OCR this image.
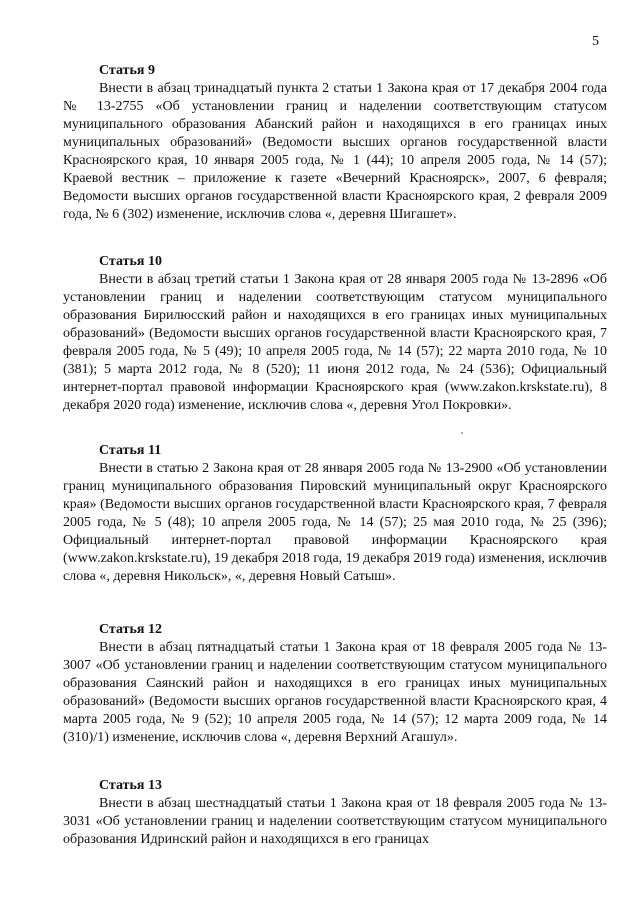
5
Статья 9

Внести в абзац тринадцатый пункта 2 статьи 1 Закона края от 17 декабря 2004 года № 13-2755 «Об установлении границ и наделении соответствующим статусом муниципального образования Абанский район и находящихся в его границах иных муниципальных образований» (Ведомости высших органов государственной власти Красноярского края, 10 января 2005 года, № 1 (44); 10 апреля 2005 года, № 14 (57); Краевой вестник – приложение к газете «Вечерний Красноярск», 2007, 6 февраля; Ведомости высших органов государственной власти Красноярского края, 2 февраля 2009 года, № 6 (302) изменение, исключив слова «, деревня Шигашет».

Статья 10

Внести в абзац третий статьи 1 Закона края от 28 января 2005 года № 13-2896 «Об установлении границ и наделении соответствующим статусом муниципального образования Бирилюсский район и находящихся в его границах иных муниципальных образований» (Ведомости высших органов государственной власти Красноярского края, 7 февраля 2005 года, № 5 (49); 10 апреля 2005 года, № 14 (57); 22 марта 2010 года, № 10 (381); 5 марта 2012 года, № 8 (520); 11 июня 2012 года, № 24 (536); Официальный интернет-портал правовой информации Красноярского края (www.zakon.krskstate.ru), 8 декабря 2020 года) изменение, исключив слова «, деревня Угол Покровки».

Статья 11

Внести в статью 2 Закона края от 28 января 2005 года № 13-2900 «Об установлении границ муниципального образования Пировский муниципальный округ Красноярского края» (Ведомости высших органов государственной власти Красноярского края, 7 февраля 2005 года, № 5 (48); 10 апреля 2005 года, № 14 (57); 25 мая 2010 года, № 25 (396); Официальный интернет-портал правовой информации Красноярского края (www.zakon.krskstate.ru), 19 декабря 2018 года, 19 декабря 2019 года) изменения, исключив слова «, деревня Никольск», «, деревня Новый Сатыш».

Статья 12

Внести в абзац пятнадцатый статьи 1 Закона края от 18 февраля 2005 года № 13-3007 «Об установлении границ и наделении соответствующим статусом муниципального образования Саянский район и находящихся в его границах иных муниципальных образований» (Ведомости высших органов государственной власти Красноярского края, 4 марта 2005 года, № 9 (52); 10 апреля 2005 года, № 14 (57); 12 марта 2009 года, № 14 (310)/1) изменение, исключив слова «, деревня Верхний Агашул».

Статья 13

Внести в абзац шестнадцатый статьи 1 Закона края от 18 февраля 2005 года № 13-3031 «Об установлении границ и наделении соответствующим статусом муниципального образования Идринский район и находящихся в его границах
